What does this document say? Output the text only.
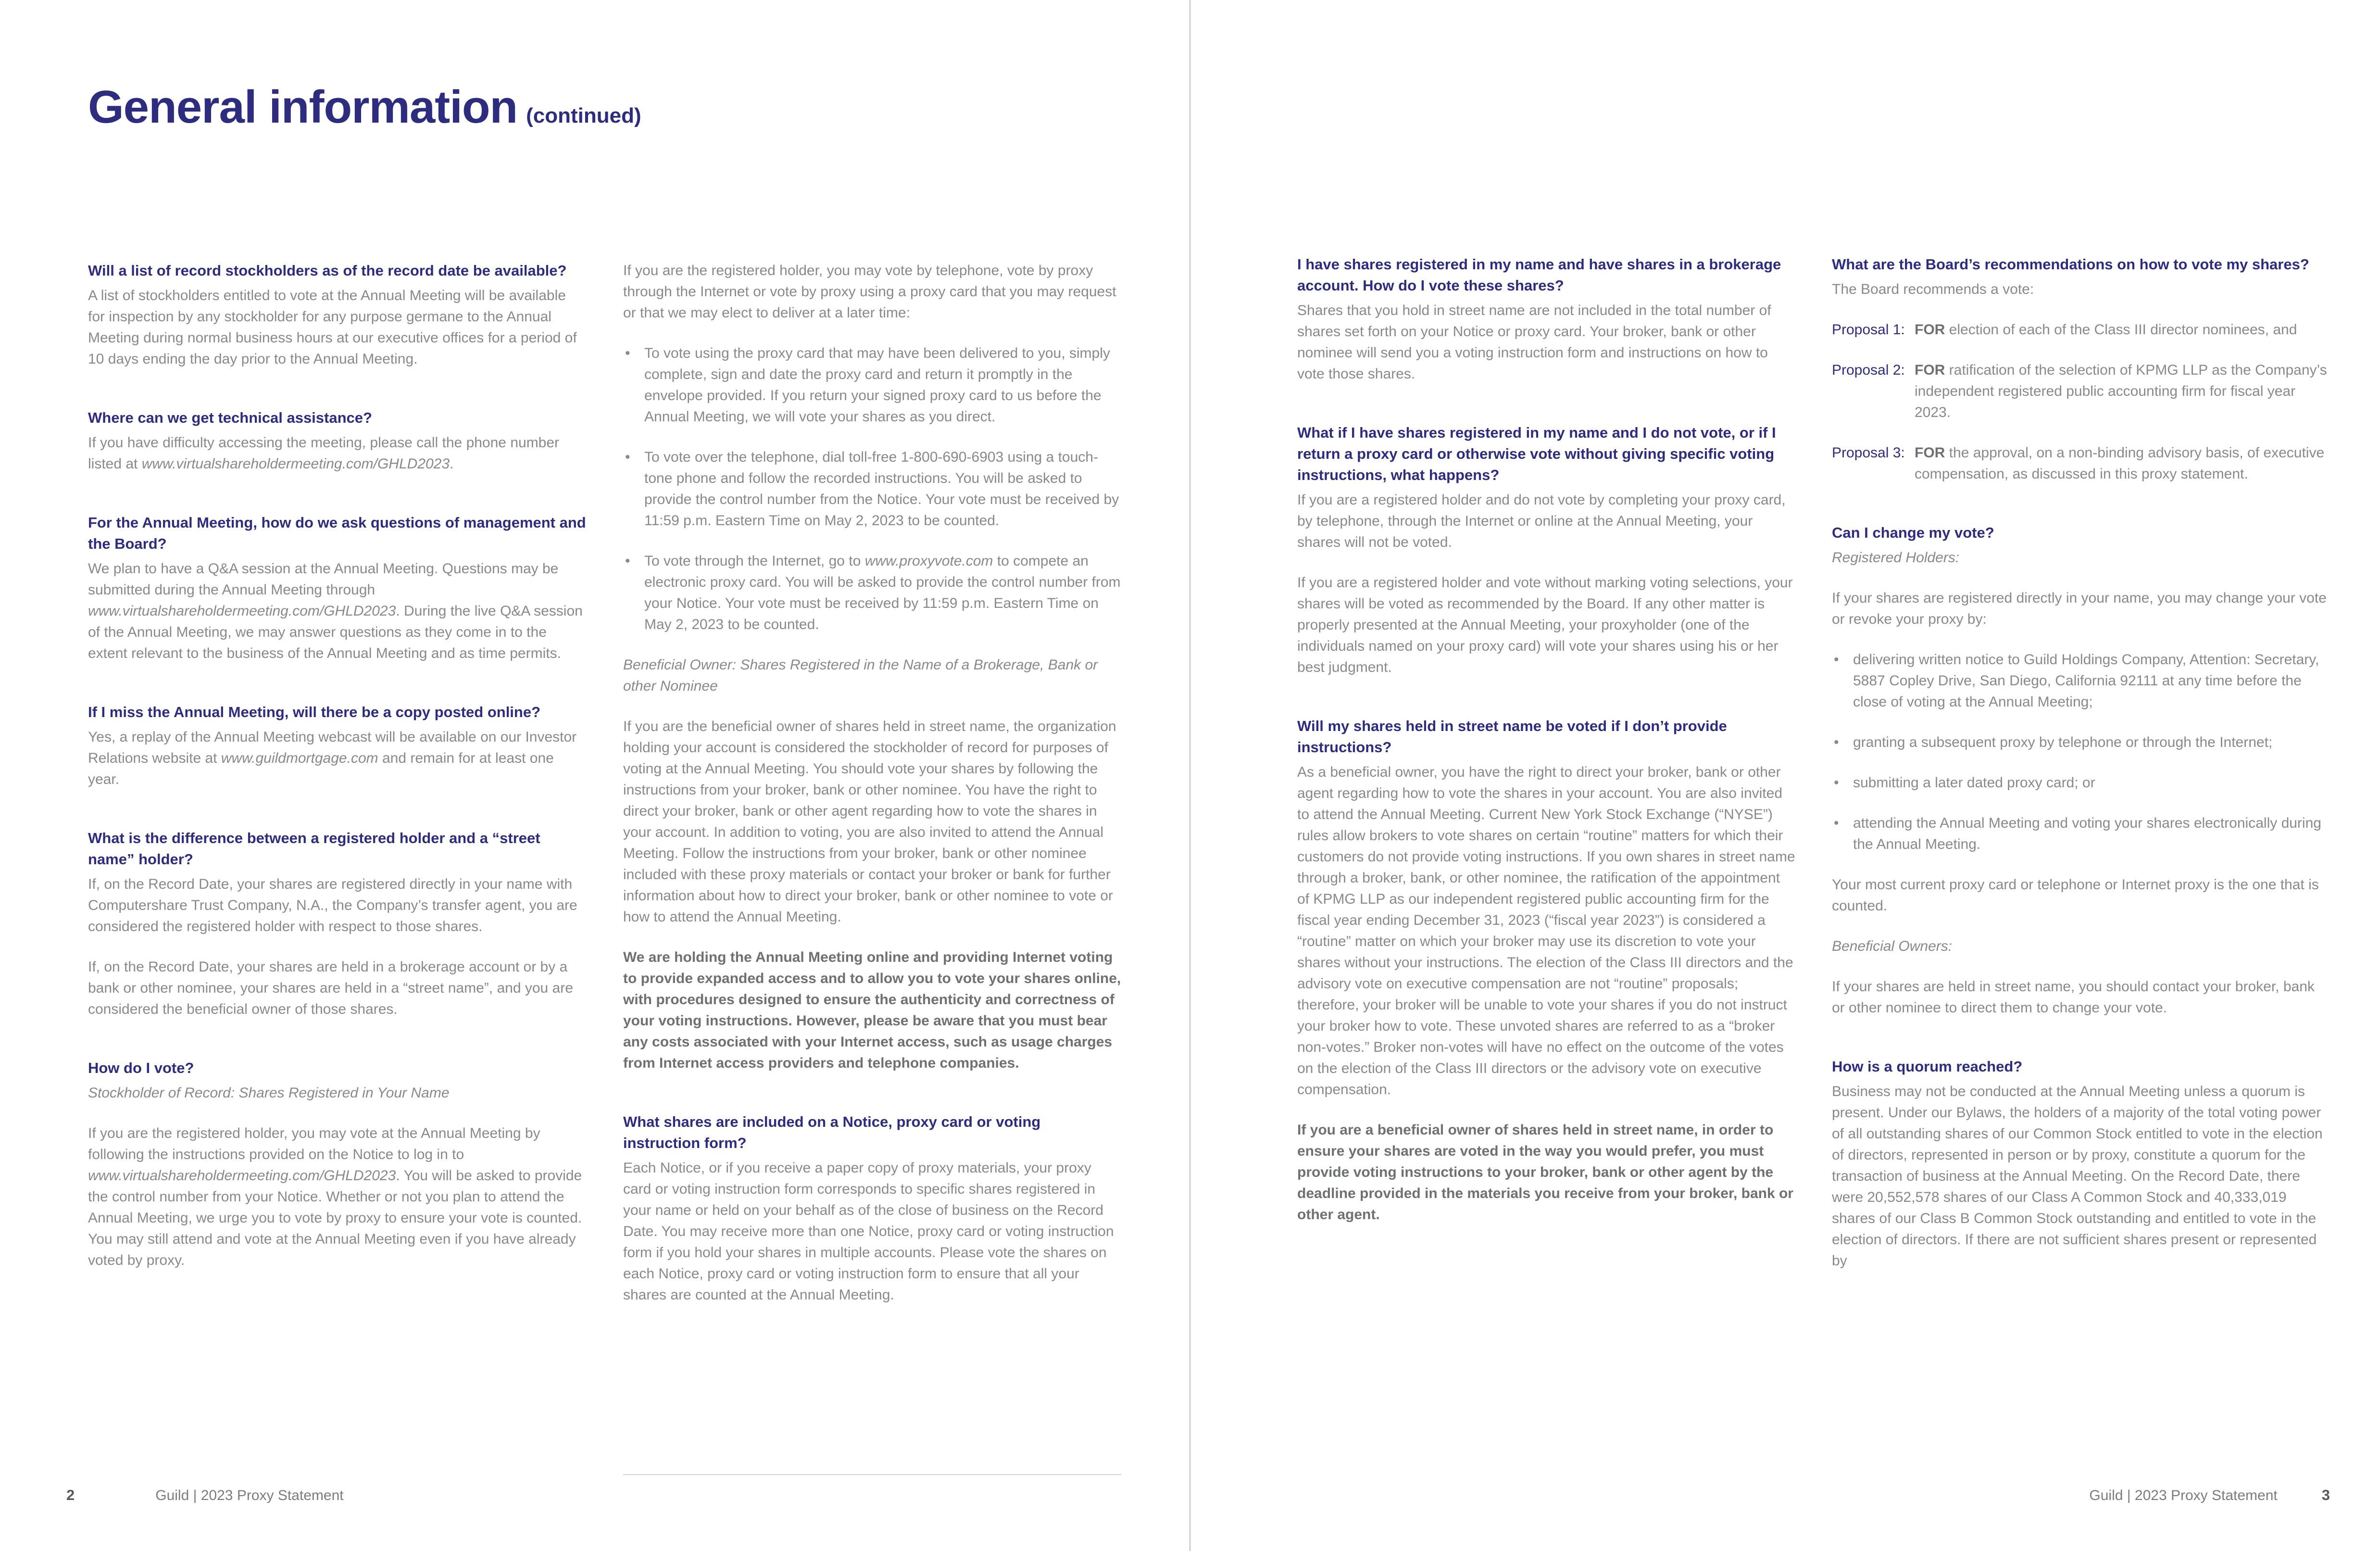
General information (continued)
Will a list of record stockholders as of the record date be available?
A list of stockholders entitled to vote at the Annual Meeting will be available for inspection by any stockholder for any purpose germane to the Annual Meeting during normal business hours at our executive offices for a period of 10 days ending the day prior to the Annual Meeting.
Where can we get technical assistance?
If you have difficulty accessing the meeting, please call the phone number listed at www.virtualshareholdermeeting.com/GHLD2023.
For the Annual Meeting, how do we ask questions of management and the Board?
We plan to have a Q&A session at the Annual Meeting. Questions may be submitted during the Annual Meeting through www.virtualshareholdermeeting.com/GHLD2023. During the live Q&A session of the Annual Meeting, we may answer questions as they come in to the extent relevant to the business of the Annual Meeting and as time permits.
If I miss the Annual Meeting, will there be a copy posted online?
Yes, a replay of the Annual Meeting webcast will be available on our Investor Relations website at www.guildmortgage.com and remain for at least one year.
What is the difference between a registered holder and a “street name” holder?
If, on the Record Date, your shares are registered directly in your name with Computershare Trust Company, N.A., the Company’s transfer agent, you are considered the registered holder with respect to those shares.
If, on the Record Date, your shares are held in a brokerage account or by a bank or other nominee, your shares are held in a “street name”, and you are considered the beneficial owner of those shares.
How do I vote?
Stockholder of Record: Shares Registered in Your Name
If you are the registered holder, you may vote at the Annual Meeting by following the instructions provided on the Notice to log in to www.virtualshareholdermeeting.com/GHLD2023. You will be asked to provide the control number from your Notice. Whether or not you plan to attend the Annual Meeting, we urge you to vote by proxy to ensure your vote is counted. You may still attend and vote at the Annual Meeting even if you have already voted by proxy.
If you are the registered holder, you may vote by telephone, vote by proxy through the Internet or vote by proxy using a proxy card that you may request or that we may elect to deliver at a later time:
• To vote using the proxy card that may have been delivered to you, simply complete, sign and date the proxy card and return it promptly in the envelope provided. If you return your signed proxy card to us before the Annual Meeting, we will vote your shares as you direct.
• To vote over the telephone, dial toll-free 1-800-690-6903 using a touch-tone phone and follow the recorded instructions. You will be asked to provide the control number from the Notice. Your vote must be received by 11:59 p.m. Eastern Time on May 2, 2023 to be counted.
• To vote through the Internet, go to www.proxyvote.com to compete an electronic proxy card. You will be asked to provide the control number from your Notice. Your vote must be received by 11:59 p.m. Eastern Time on May 2, 2023 to be counted.
Beneficial Owner: Shares Registered in the Name of a Brokerage, Bank or other Nominee
If you are the beneficial owner of shares held in street name, the organization holding your account is considered the stockholder of record for purposes of voting at the Annual Meeting. You should vote your shares by following the instructions from your broker, bank or other nominee. You have the right to direct your broker, bank or other agent regarding how to vote the shares in your account. In addition to voting, you are also invited to attend the Annual Meeting. Follow the instructions from your broker, bank or other nominee included with these proxy materials or contact your broker or bank for further information about how to direct your broker, bank or other nominee to vote or how to attend the Annual Meeting.
We are holding the Annual Meeting online and providing Internet voting to provide expanded access and to allow you to vote your shares online, with procedures designed to ensure the authenticity and correctness of your voting instructions. However, please be aware that you must bear any costs associated with your Internet access, such as usage charges from Internet access providers and telephone companies.
What shares are included on a Notice, proxy card or voting instruction form?
Each Notice, or if you receive a paper copy of proxy materials, your proxy card or voting instruction form corresponds to specific shares registered in your name or held on your behalf as of the close of business on the Record Date. You may receive more than one Notice, proxy card or voting instruction form if you hold your shares in multiple accounts. Please vote the shares on each Notice, proxy card or voting instruction form to ensure that all your shares are counted at the Annual Meeting.
2	Guild | 2023 Proxy Statement
I have shares registered in my name and have shares in a brokerage account. How do I vote these shares?
Shares that you hold in street name are not included in the total number of shares set forth on your Notice or proxy card. Your broker, bank or other nominee will send you a voting instruction form and instructions on how to vote those shares.
What if I have shares registered in my name and I do not vote, or if I return a proxy card or otherwise vote without giving specific voting instructions, what happens?
If you are a registered holder and do not vote by completing your proxy card, by telephone, through the Internet or online at the Annual Meeting, your shares will not be voted.
If you are a registered holder and vote without marking voting selections, your shares will be voted as recommended by the Board. If any other matter is properly presented at the Annual Meeting, your proxyholder (one of the individuals named on your proxy card) will vote your shares using his or her best judgment.
Will my shares held in street name be voted if I don’t provide instructions?
As a beneficial owner, you have the right to direct your broker, bank or other agent regarding how to vote the shares in your account. You are also invited to attend the Annual Meeting. Current New York Stock Exchange (“NYSE”) rules allow brokers to vote shares on certain “routine” matters for which their customers do not provide voting instructions. If you own shares in street name through a broker, bank, or other nominee, the ratification of the appointment of KPMG LLP as our independent registered public accounting firm for the fiscal year ending December 31, 2023 (“fiscal year 2023”) is considered a “routine” matter on which your broker may use its discretion to vote your shares without your instructions. The election of the Class III directors and the advisory vote on executive compensation are not “routine” proposals; therefore, your broker will be unable to vote your shares if you do not instruct your broker how to vote. These unvoted shares are referred to as a “broker non-votes.” Broker non-votes will have no effect on the outcome of the votes on the election of the Class III directors or the advisory vote on executive compensation.
If you are a beneficial owner of shares held in street name, in order to ensure your shares are voted in the way you would prefer, you must provide voting instructions to your broker, bank or other agent by the deadline provided in the materials you receive from your broker, bank or other agent.
What are the Board’s recommendations on how to vote my shares?
The Board recommends a vote:
Proposal 1: FOR election of each of the Class III director nominees, and
Proposal 2: FOR ratification of the selection of KPMG LLP as the Company’s independent registered public accounting firm for fiscal year 2023.
Proposal 3: FOR the approval, on a non-binding advisory basis, of executive compensation, as discussed in this proxy statement.
Can I change my vote?
Registered Holders:
If your shares are registered directly in your name, you may change your vote or revoke your proxy by:
• delivering written notice to Guild Holdings Company, Attention: Secretary, 5887 Copley Drive, San Diego, California 92111 at any time before the close of voting at the Annual Meeting;
• granting a subsequent proxy by telephone or through the Internet;
• submitting a later dated proxy card; or
• attending the Annual Meeting and voting your shares electronically during the Annual Meeting.
Your most current proxy card or telephone or Internet proxy is the one that is counted.
Beneficial Owners:
If your shares are held in street name, you should contact your broker, bank or other nominee to direct them to change your vote.
How is a quorum reached?
Business may not be conducted at the Annual Meeting unless a quorum is present. Under our Bylaws, the holders of a majority of the total voting power of all outstanding shares of our Common Stock entitled to vote in the election of directors, represented in person or by proxy, constitute a quorum for the transaction of business at the Annual Meeting. On the Record Date, there were 20,552,578 shares of our Class A Common Stock and 40,333,019 shares of our Class B Common Stock outstanding and entitled to vote in the election of directors. If there are not sufficient shares present or represented by
Guild | 2023 Proxy Statement	3
